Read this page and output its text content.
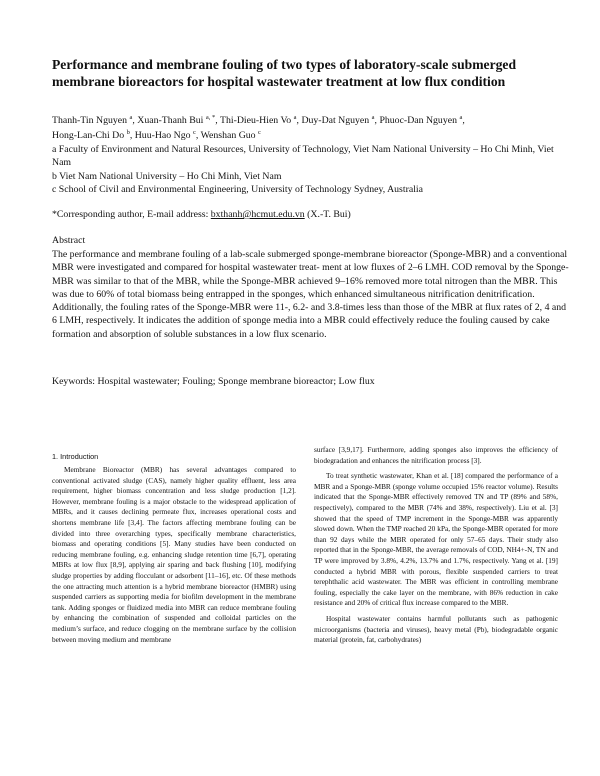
Performance and membrane fouling of two types of laboratory-scale submerged membrane bioreactors for hospital wastewater treatment at low flux condition
Thanh-Tin Nguyen $^a$, Xuan-Thanh Bui $^{a, *}$, Thi-Dieu-Hien Vo $^a$, Duy-Dat Nguyen $^a$, Phuoc-Dan Nguyen $^a$,
Hong-Lan-Chi Do $^b$, Huu-Hao Ngo $^c$, Wenshan Guo $^c$
a Faculty of Environment and Natural Resources, University of Technology, Viet Nam National University – Ho Chi Minh, Viet Nam
b Viet Nam National University – Ho Chi Minh, Viet Nam
c School of Civil and Environmental Engineering, University of Technology Sydney, Australia
*Corresponding author, E-mail address: bxthanh@hcmut.edu.vn (X.-T. Bui)
Abstract
The performance and membrane fouling of a lab-scale submerged sponge-membrane bioreactor (Sponge-MBR) and a conventional MBR were investigated and compared for hospital wastewater treat- ment at low fluxes of 2–6 LMH. COD removal by the Sponge-MBR was similar to that of the MBR, while the Sponge-MBR achieved 9–16% removed more total nitrogen than the MBR. This was due to 60% of total biomass being entrapped in the sponges, which enhanced simultaneous nitrification denitrification. Additionally, the fouling rates of the Sponge-MBR were 11-, 6.2- and 3.8-times less than those of the MBR at flux rates of 2, 4 and 6 LMH, respectively. It indicates the addition of sponge media into a MBR could effectively reduce the fouling caused by cake formation and absorption of soluble substances in a low flux scenario.
Keywords: Hospital wastewater; Fouling; Sponge membrane bioreactor; Low flux
1. Introduction

Membrane Bioreactor (MBR) has several advantages compared to conventional activated sludge (CAS), namely higher quality effluent, less area requirement, higher biomass concentration and less sludge production [1,2]. However, membrane fouling is a major obstacle to the widespread application of MBRs, and it causes declining permeate flux, increases operational costs and shortens membrane life [3,4]. The factors affecting membrane fouling can be divided into three overarching types, specifically membrane characteristics, biomass and operating conditions [5]. Many studies have been conducted on reducing membrane fouling, e.g. enhancing sludge retention time [6,7], operating MBRs at low flux [8,9], applying air sparing and back flushing [10], modifying sludge properties by adding flocculant or adsorbent [11–16], etc. Of these methods the one attracting much attention is a hybrid membrane bioreactor (HMBR) using suspended carriers as supporting media for biofilm development in the membrane tank. Adding sponges or fluidized media into MBR can reduce membrane fouling by enhancing the combination of suspended and colloidal particles on the medium’s surface, and reduce clogging on the membrane surface by the collision between moving medium and membrane

surface [3,9,17]. Furthermore, adding sponges also improves the efficiency of biodegradation and enhances the nitrification process [3].

To treat synthetic wastewater, Khan et al. [18] compared the performance of a MBR and a Sponge-MBR (sponge volume occupied 15% reactor volume). Results indicated that the Sponge-MBR effectively removed TN and TP (89% and 58%, respectively), compared to the MBR (74% and 38%, respectively). Liu et al. [3] showed that the speed of TMP increment in the Sponge-MBR was apparently slowed down. When the TMP reached 20 kPa, the Sponge-MBR operated for more than 92 days while the MBR operated for only 57–65 days. Their study also reported that in the Sponge-MBR, the average removals of COD, NH4+-N, TN and TP were improved by 3.8%, 4.2%, 13.7% and 1.7%, respectively. Yang et al. [19] conducted a hybrid MBR with porous, flexible suspended carriers to treat terephthalic acid wastewater. The MBR was efficient in controlling membrane fouling, especially the cake layer on the membrane, with 86% reduction in cake resistance and 20% of critical flux increase compared to the MBR.

Hospital wastewater contains harmful pollutants such as pathogenic microorganisms (bacteria and viruses), heavy metal (Pb), biodegradable organic material (protein, fat, carbohydrates)
